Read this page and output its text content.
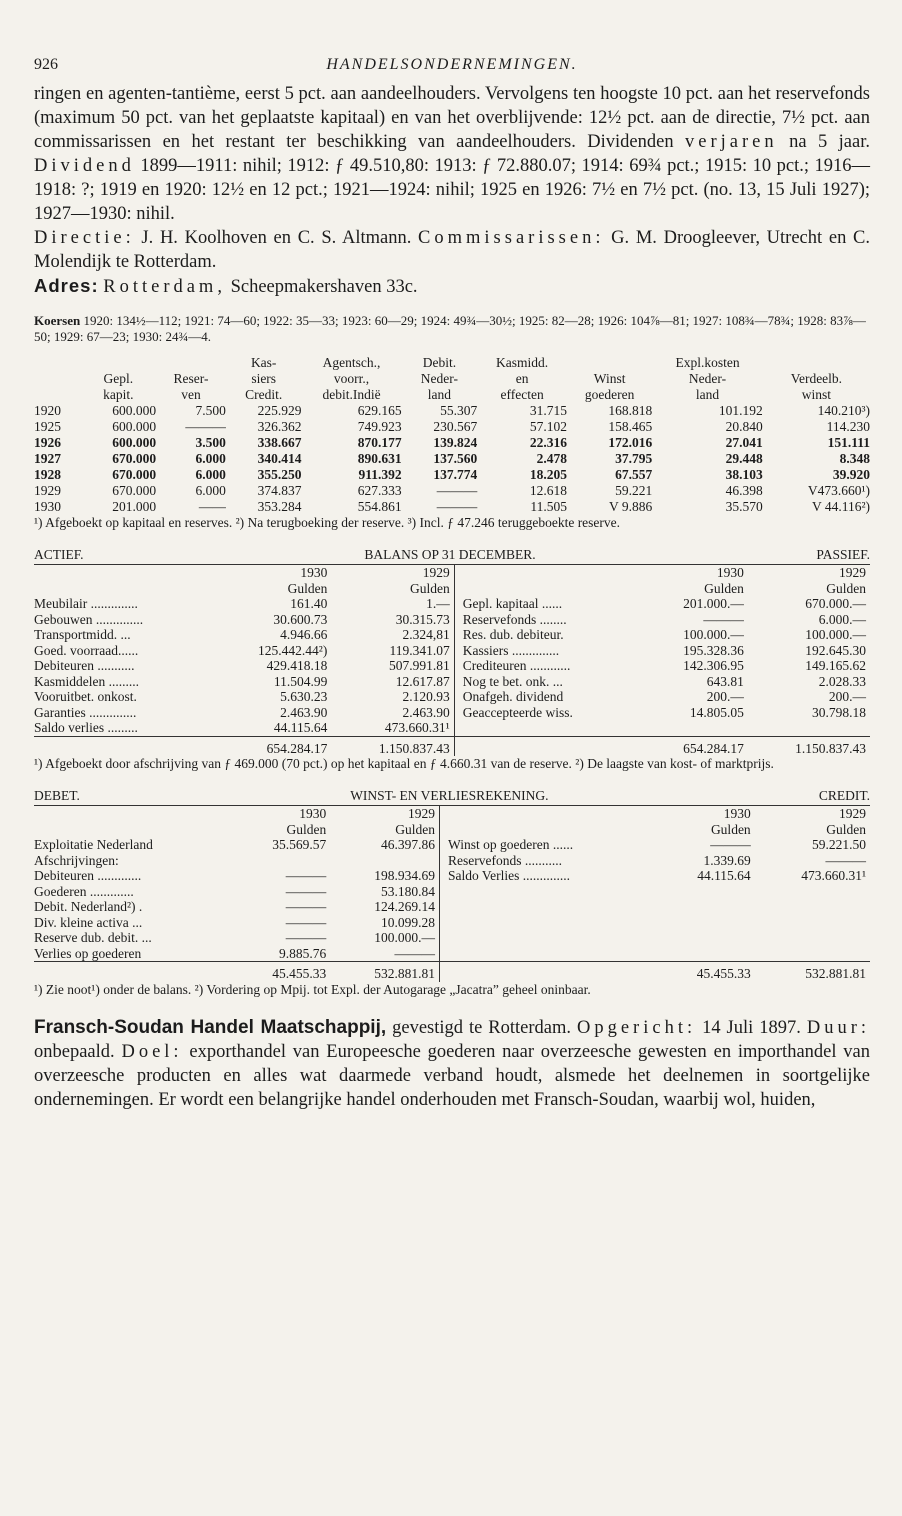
926	HANDELSONDERNEMINGEN.

ringen en agenten-tantième, eerst 5 pct. aan aandeelhouders. Vervolgens ten hoogste 10 pct. aan het reservefonds (maximum 50 pct. van het geplaatste kapitaal) en van het overblijvende: 12½ pct. aan de directie, 7½ pct. aan commissarissen en het restant ter beschikking van aandeelhouders. Dividenden verjaren na 5 jaar. Dividend 1899—1911: nihil; 1912: ƒ 49.510,80: 1913: ƒ 72.880.07; 1914: 69¾ pct.; 1915: 10 pct.; 1916—1918: ?; 1919 en 1920: 12½ en 12 pct.; 1921—1924: nihil; 1925 en 1926: 7½ en 7½ pct. (no. 13, 15 Juli 1927); 1927—1930: nihil.

Directie: J. H. Koolhoven en C. S. Altmann. Commissarissen: G. M. Droogleever, Utrecht en C. Molendijk te Rotterdam.

Adres: Rotterdam, Scheepmakershaven 33c.

Koersen 1920: 134½—112; 1921: 74—60; 1922: 35—33; 1923: 60—29; 1924: 49¾—30½; 1925: 82—28; 1926: 104⅞—81; 1927: 108¾—78¾; 1928: 83⅞—50; 1929: 67—23; 1930: 24¾—4.
			Kas-	Agentsch.,	Debit.	Kasmidd.		Expl.kosten	
	Gepl.	Reser-	siers	voorr.,	Neder-	en	Winst	Neder-	Verdeelb.
	kapit.	ven	Credit.	debit.Indië	land	effecten	goederen	land	winst
1920	600.000	7.500	225.929	629.165	55.307	31.715	168.818	101.192	140.210³)
1925	600.000	———	326.362	749.923	230.567	57.102	158.465	20.840	114.230
1926	600.000	3.500	338.667	870.177	139.824	22.316	172.016	27.041	151.111
1927	670.000	6.000	340.414	890.631	137.560	2.478	37.795	29.448	8.348
1928	670.000	6.000	355.250	911.392	137.774	18.205	67.557	38.103	39.920
1929	670.000	6.000	374.837	627.333	———	12.618	59.221	46.398	V473.660¹)
1930	201.000	——	353.284	554.861	———	11.505	V 9.886	35.570	V 44.116²)
¹) Afgeboekt op kapitaal en reserves. ²) Na terugboeking der reserve. ³) Incl. ƒ 47.246 teruggeboekte reserve.
ACTIEF.	BALANS OP 31 DECEMBER.	PASSIEF.
	1930	1929			1930	1929
	Gulden	Gulden			Gulden	Gulden
Meubilair ..............	161.40	1.—		Gepl. kapitaal ......	201.000.—	670.000.—
Gebouwen ..............	30.600.73	30.315.73		Reservefonds ........	———	6.000.—
Transportmidd. ...	4.946.66	2.324,81		Res. dub. debiteur.	100.000.—	100.000.—
Goed. voorraad......	125.442.44²)	119.341.07		Kassiers ..............	195.328.36	192.645.30
Debiteuren ...........	429.418.18	507.991.81		Crediteuren ............	142.306.95	149.165.62
Kasmiddelen .........	11.504.99	12.617.87		Nog te bet. onk. ...	643.81	2.028.33
Vooruitbet. onkost.	5.630.23	2.120.93		Onafgeh. dividend	200.—	200.—
Garanties ..............	2.463.90	2.463.90		Geaccepteerde wiss.	14.805.05	30.798.18
Saldo verlies .........	44.115.64	473.660.31¹				
	654.284.17	1.150.837.43			654.284.17	1.150.837.43
¹) Afgeboekt door afschrijving van ƒ 469.000 (70 pct.) op het kapitaal en ƒ 4.660.31 van de reserve. ²) De laagste van kost- of marktprijs.
DEBET.	WINST- EN VERLIESREKENING.	CREDIT.
	1930	1929			1930	1929
	Gulden	Gulden			Gulden	Gulden
Exploitatie Nederland	35.569.57	46.397.86		Winst op goederen ......	———	59.221.50
Afschrijvingen:				Reservefonds ...........	1.339.69	———
Debiteuren .............	———	198.934.69		Saldo Verlies ..............	44.115.64	473.660.31¹
Goederen .............	———	53.180.84				
Debit. Nederland²) .	———	124.269.14				
Div. kleine activa ...	———	10.099.28				
Reserve dub. debit. ...	———	100.000.—				
Verlies op goederen	9.885.76	———				
	45.455.33	532.881.81			45.455.33	532.881.81
¹) Zie noot¹) onder de balans. ²) Vordering op Mpij. tot Expl. der Autogarage „Jacatra” geheel oninbaar.
Fransch-Soudan Handel Maatschappij, gevestigd te Rotterdam. Opgericht: 14 Juli 1897. Duur: onbepaald. Doel: exporthandel van Europeesche goederen naar overzeesche gewesten en importhandel van overzeesche producten en alles wat daarmede verband houdt, alsmede het deelnemen in soortgelijke ondernemingen. Er wordt een belangrijke handel onderhouden met Fransch-Soudan, waarbij wol, huiden,
